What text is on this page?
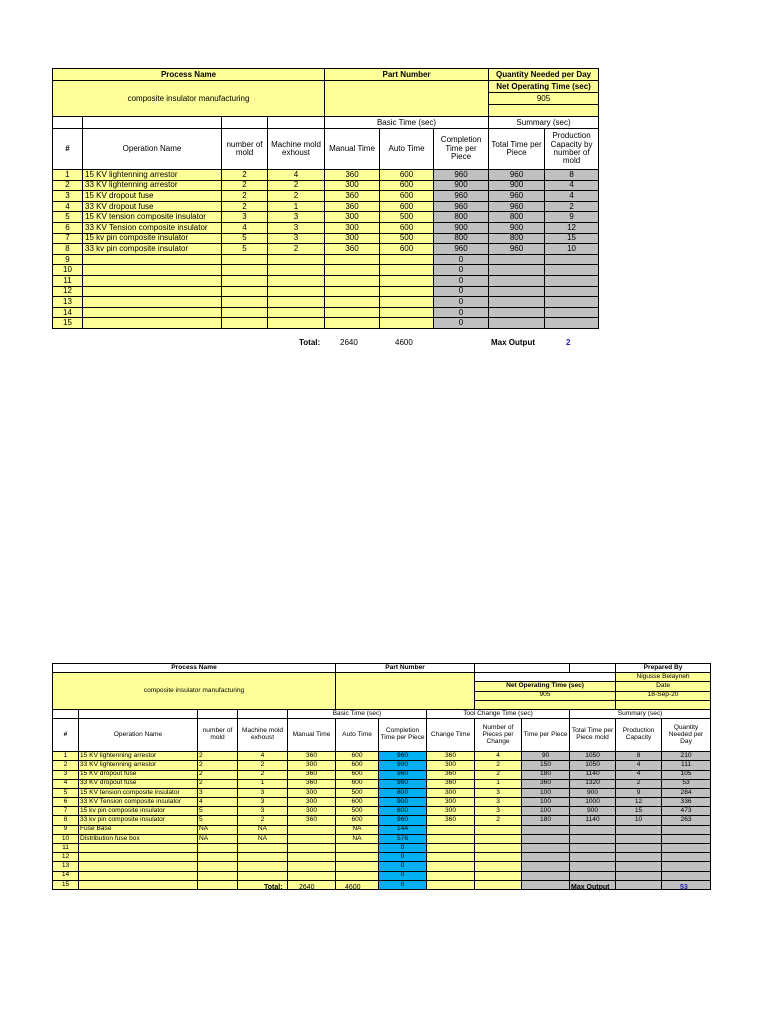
Process Name				Part Number			Quantity Needed per Day	
composite insulator manufacturing							Net Operating Time (sec)	
							905	

				Basic Time (sec)			Summary (sec)	
#	Operation Name	number of mold	Machine mold exhoust	Manual Time	Auto Time	Completion Time per Piece	Total Time per Piece	Production Capacity by number of mold
1	15 KV lightenning arrestor	2	4	360	600	960	960	8
2	33 KV lightenning arrestor	2	2	300	600	900	900	4
3	15 KV dropout fuse	2	2	360	600	960	960	4
4	33 KV dropout fuse	2	1	360	600	960	960	2
5	15 KV tension composite insulator	3	3	300	500	800	800	9
6	33 KV Tension composite insulator	4	3	300	600	900	900	12
7	15 kv pin composite insulator	5	3	300	500	800	800	15
8	33 kv pin composite insulator	5	2	360	600	960	960	10
9						0		
10						0		
11						0		
12						0		
13						0		
14						0		
15						0		
Total: 2640	4600	Max Output	2
Process Name					Part Number						Prepared By	
composite insulator manufacturing											Nigusse Belayneh	
								Net Operating Time (sec)			Date	
								905			18-Sep-20	

				Basic Time (sec)			Tool Change Time (sec)			Summary (sec)		
#	Operation Name	number of mold	Machine mold exhoust	Manual Time	Auto Time	Completion Time per Piece	Change Time	Number of Pieces per Change	Time per Piece	Total Time per Piece mold	Production Capacity	Quantity Needed per Day
1	15 KV lightenning arrestor	2	4	360	600	960	360	4	90	1050	8	210
2	33 KV lightenning arrestor	2	2	300	600	900	300	2	150	1050	4	111
3	15 KV dropout fuse	2	2	360	600	960	360	2	180	1140	4	105
4	33 KV dropout fuse	2	1	360	600	960	360	1	360	1320	2	53
5	15 KV tension composite insulator	3	3	300	500	800	300	3	100	900	9	284
6	33 KV Tension composite insulator	4	3	300	600	900	300	3	100	1000	12	336
7	15 kv pin composite insulator	5	3	300	500	800	300	3	100	900	15	473
8	33 kv pin composite insulator	5	2	360	600	960	360	2	180	1140	10	263
9	Fuse Base	NA	NA		NA	144						
10	Distribution fuse box	NA	NA		NA	576						
11						0						
12						0						
13						0						
14						0						
15						0						
Total: 2640	4600	Max Output	53
